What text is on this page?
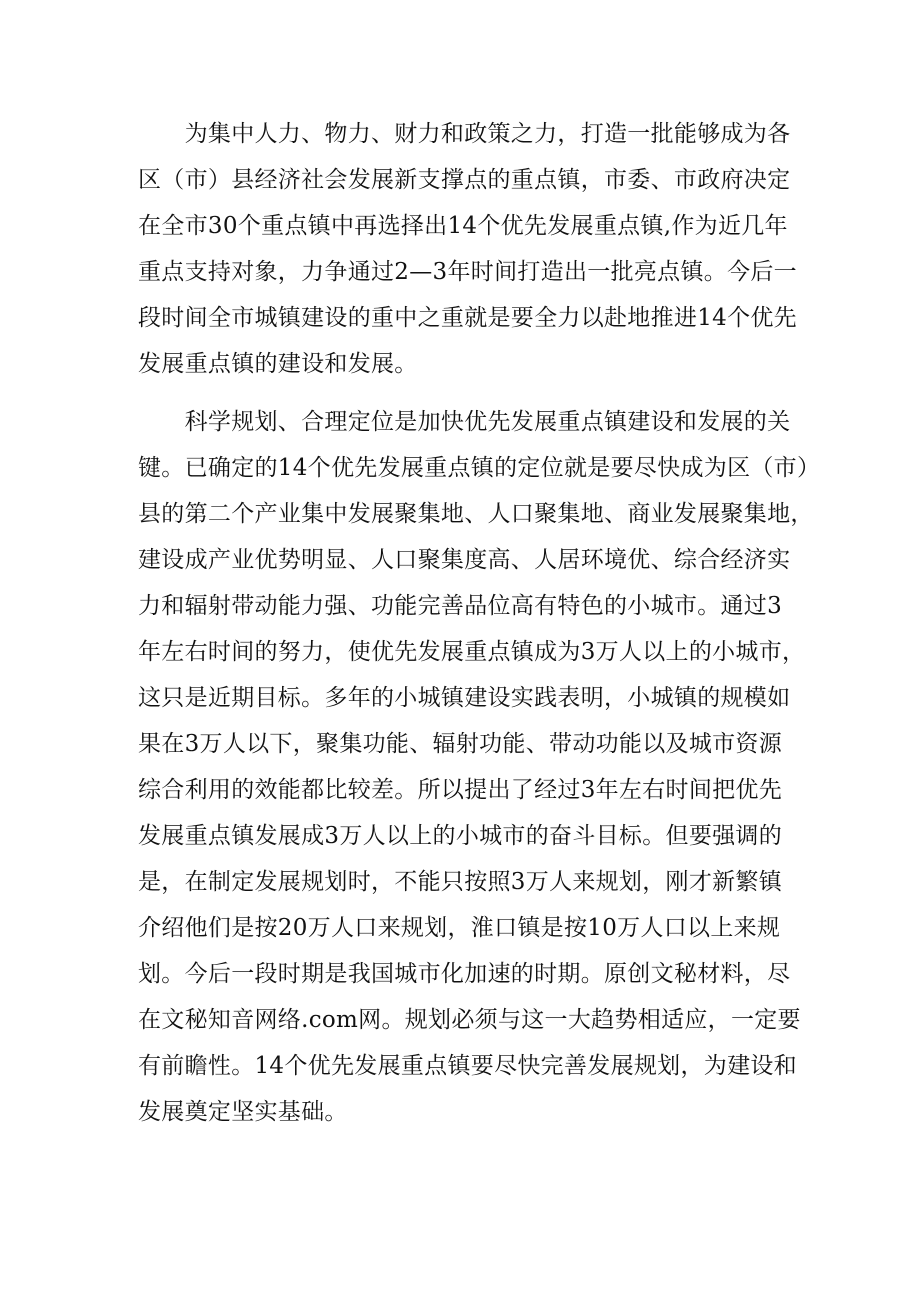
　　为集中人力、物力、财力和政策之力，打造一批能够成为各
区（市）县经济社会发展新支撑点的重点镇，市委、市政府决定
在全市30个重点镇中再选择出14个优先发展重点镇,作为近几年
重点支持对象，力争通过2—3年时间打造出一批亮点镇。今后一
段时间全市城镇建设的重中之重就是要全力以赴地推进14个优先
发展重点镇的建设和发展。
　　科学规划、合理定位是加快优先发展重点镇建设和发展的关
键。已确定的14个优先发展重点镇的定位就是要尽快成为区（市）
县的第二个产业集中发展聚集地、人口聚集地、商业发展聚集地，
建设成产业优势明显、人口聚集度高、人居环境优、综合经济实
力和辐射带动能力强、功能完善品位高有特色的小城市。通过3
年左右时间的努力，使优先发展重点镇成为3万人以上的小城市，
这只是近期目标。多年的小城镇建设实践表明，小城镇的规模如
果在3万人以下，聚集功能、辐射功能、带动功能以及城市资源
综合利用的效能都比较差。所以提出了经过3年左右时间把优先
发展重点镇发展成3万人以上的小城市的奋斗目标。但要强调的
是，在制定发展规划时，不能只按照3万人来规划，刚才新繁镇
介绍他们是按20万人口来规划，淮口镇是按10万人口以上来规
划。今后一段时期是我国城市化加速的时期。原创文秘材料，尽
在文秘知音网络.com网。规划必须与这一大趋势相适应，一定要
有前瞻性。14个优先发展重点镇要尽快完善发展规划，为建设和
发展奠定坚实基础。
